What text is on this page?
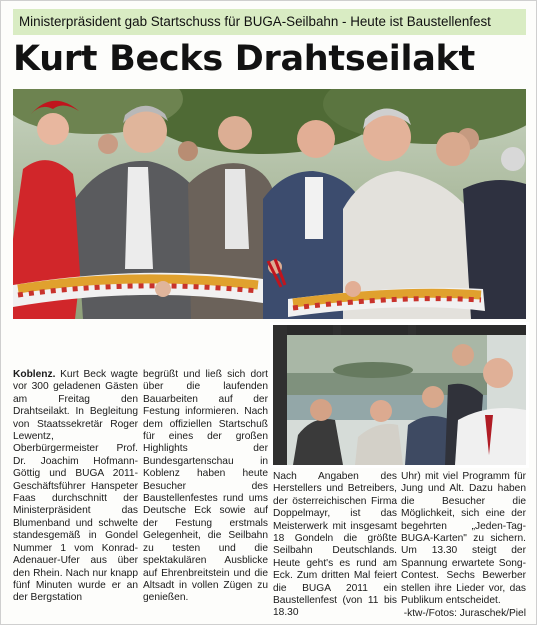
Ministerpräsident gab Startschuss für BUGA-Seilbahn - Heute ist Baustellenfest
Kurt Becks Drahtseilakt
Koblenz. Kurt Beck wagte vor 300 geladenen Gästen am Freitag den Drahtseilakt. In Begleitung von Staatssekretär Roger Lewentz, Oberbürgermeister Prof. Dr. Joachim Hofmann-Göttig und BUGA 2011-Geschäftsführer Hanspeter Faas durchschnitt der Ministerpräsident das Blumenband und schwelte standesgemäß in Gondel Nummer 1 vom Konrad-Adenauer-Ufer aus über den Rhein. Nach nur knapp fünf Minuten wurde er an der Bergstation
begrüßt und ließ sich dort über die laufenden Bauarbeiten auf der Festung informieren. Nach dem offiziellen Startschuß für eines der großen Highlights der Bundesgartenschau in Koblenz haben heute Besucher des Baustellenfestes rund ums Deutsche Eck sowie auf der Festung erstmals Gelegenheit, die Seilbahn zu testen und die spektakulären Ausblicke auf Ehrenbreitstein und die Altsadt in vollen Zügen zu genießen.
Nach Angaben des Herstellers und Betreibers, der österreichischen Firma Doppelmayr, ist das Meisterwerk mit insgesamt 18 Gondeln die größte Seilbahn Deutschlands. Heute geht's es rund am Eck. Zum dritten Mal feiert die BUGA 2011 ein Baustellenfest (von 11 bis 18.30
Uhr) mit viel Programm für Jung und Alt. Dazu haben die Besucher die Möglichkeit, sich eine der begehrten „Jeden-Tag-BUGA-Karten" zu sichern. Um 13.30 steigt der Spannung erwartete Song-Contest. Sechs Bewerber stellen ihre Lieder vor, das Publikum entscheidet.
-ktw-/Fotos: Juraschek/Piel
